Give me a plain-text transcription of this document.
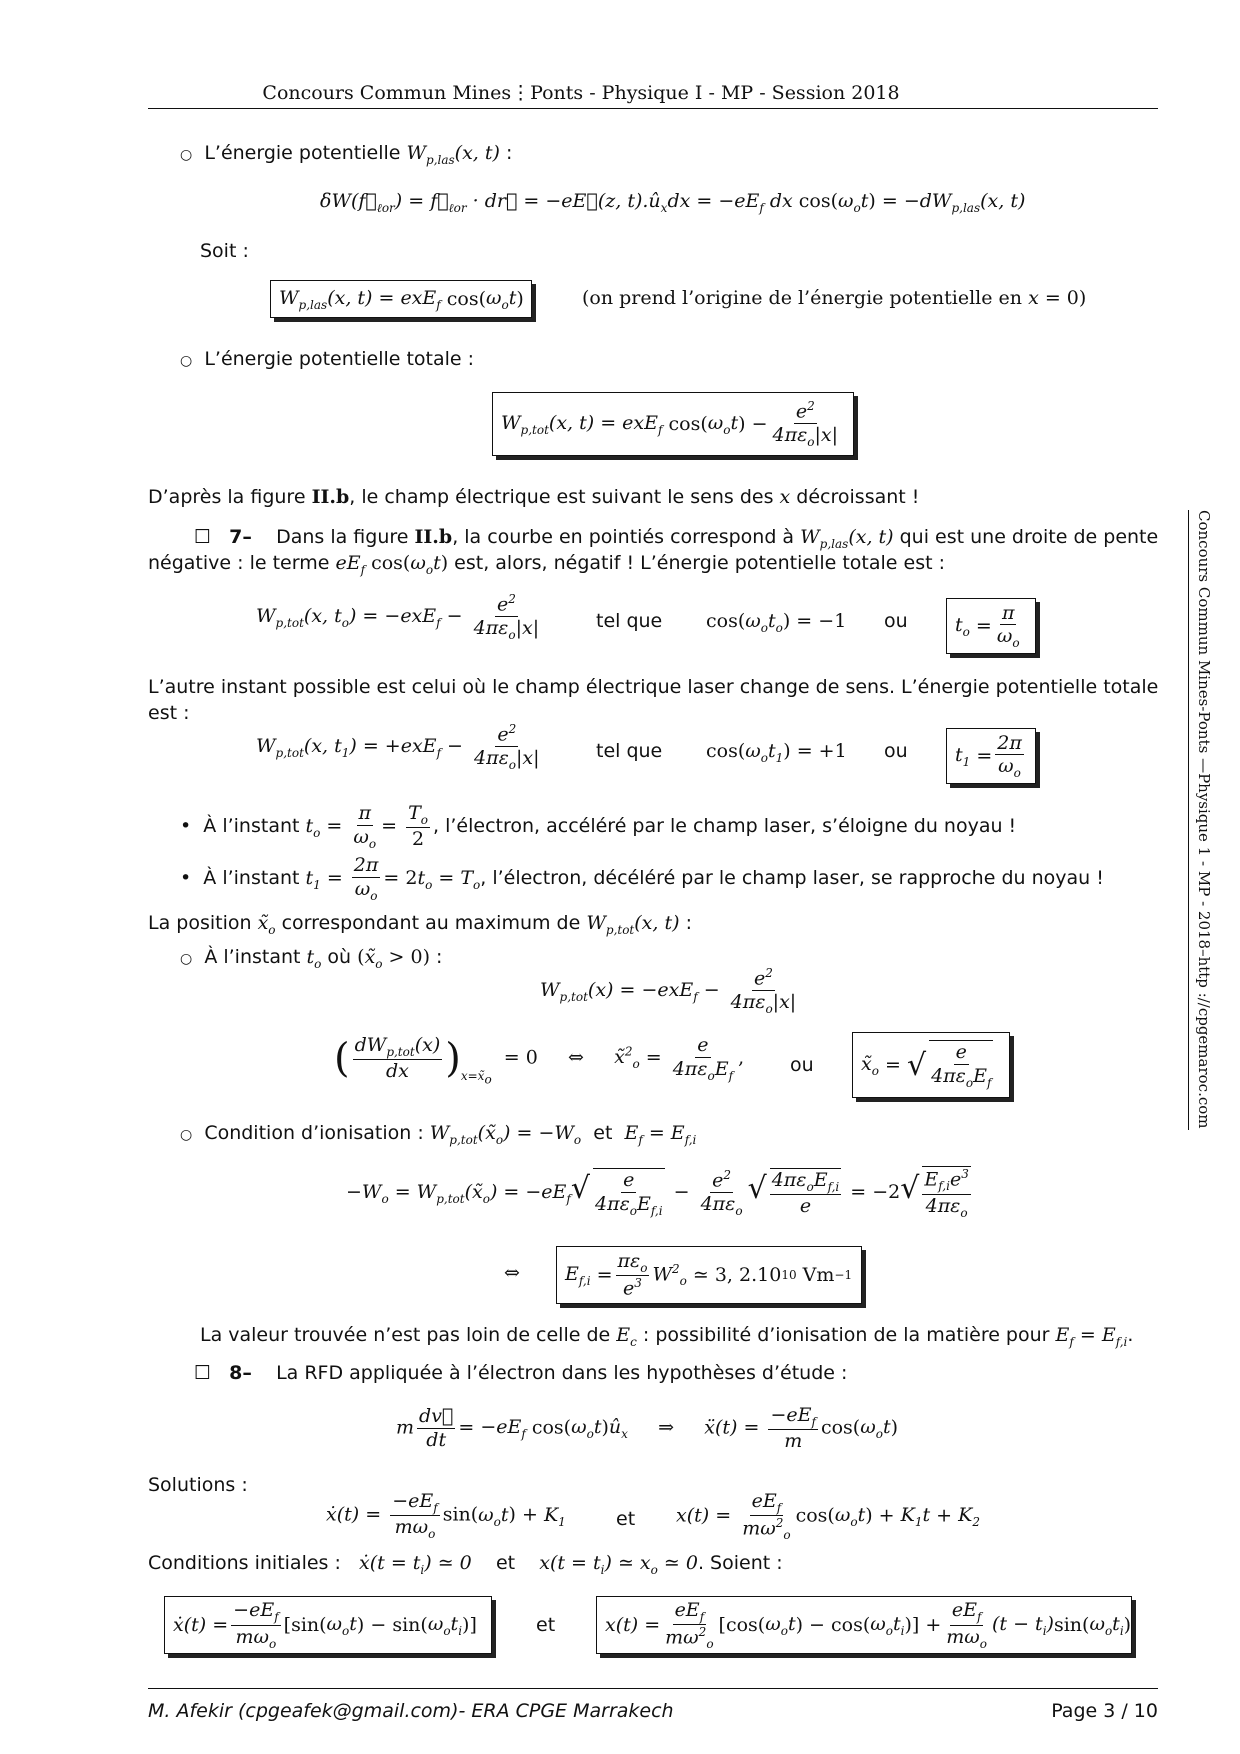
Concours Commun Mines⋮Ponts - Physique I - MP - Session 2018
Concours Commun Mines-Ponts —Physique 1 - MP - 2018–http ://cpgemaroc.com
○ L’énergie potentielle $W_{p,las}(x$, t) :
$\delta W(f⃗_{\ell or})$ = $f⃗_{\ell or}$ · dr⃗ = −eE⃗(z, $t).û_xdx = -eE_f$ dx $\cos(\omega_ot) = -dW_{p,las}(x$, t)
Soit :
$W_{p,las}(x$, t) = exE$_f$ cos( $\omega_ot$ )	(on prend l’origine de l’énergie potentielle en x = 0)
○ L’énergie potentielle totale :
$W_{p,tot}(x$, t) = exE$_f$ cos( $\omega_ot$ ) − $\frac{e^2}{4\pi\varepsilon_o|x|}$
D’après la figure II.b, le champ électrique est suivant le sens des x décroissant !
☐ 7– Dans la figure II.b, la courbe en pointiés correspond à $W_{p,las}(x$, t) qui est une droite de pente
négative : le terme $eE_f$ $\cos(\omega_ot)$ est, alors, négatif ! L’énergie potentielle totale est :
$W_{p,tot}(x$, $t_o) = -exE_f - \frac{e^2}{4\pi\varepsilon_o|x|}$	tel que $\cos(\omega_ot_o) = -1$ ou $t_o = \frac{\pi}{\omega_o}$
L’autre instant possible est celui où le champ électrique laser change de sens. L’énergie potentielle totale
est :
$W_{p,tot}(x$, $t_1) = +exE_f - \frac{e^2}{4\pi\varepsilon_o|x|}$	tel que $\cos(\omega_ot_1) = +1$ ou $t_1 = \frac{2\pi}{\omega_o}$
•  À l’instant $t_o = \frac{\pi}{\omega_o} = \frac{T_o}{2}$ , l’électron, accéléré par le champ laser, s’éloigne du noyau !
•  À l’instant $t_1 = \frac{2\pi}{\omega_o} = 2t_o = T_o$, l’électron, décéléré par le champ laser, se rapproche du noyau !
La position $x̃_o$ correspondant au maximum de $W_{p,tot}(x$, t) :
○ À l’instant $t_o$ où $(x̃_o > 0)$ :
$W_{p,tot}(x) = -exE_f - \frac{e^2}{4\pi\varepsilon_o|x|}$
( $\frac{dW_{p,tot}(x)}{dx} )_{x=x̃_o} = 0$     ⇔     x̃$^2_o$ = $\frac{e}{4\pi\varepsilon_oE_f}$ , ou $x̃_o$ = √ $\frac{e}{4\pi\varepsilon_oE_f}$
○ Condition d’ionisation : $W_{p,tot}(x̃_o) = -W_o$ et $E_f = E_{f,i}$
$-W_o$ = $W_{p,tot}(x̃_o) = -eE_f√ \frac{e}{4\pi\varepsilon_oE_{f,i}} - \frac{e^2}{4\pi\varepsilon_o}$ √ $\frac{4\pi\varepsilon_oE_{f,i}}{e} = -2√ \frac{E_{f,i}e^3}{4\pi\varepsilon_o}$
⇔ $E_{f,i} = \frac{\pi\varepsilon_o}{e^3} W^2_o$ ≃ 3, 2.10 10
Vm −1
La valeur trouvée n’est pas loin de celle de $E_c$ : possibilité d’ionisation de la matière pour $E_f = E_{f,i}$.
☐ 8– La RFD appliquée à l’électron dans les hypothèses d’étude :
m $\frac{dv⃗}{dt} = -eE_f$ $\cos(\omega_ot)û_x$     ⇒     ẍ(t) = $\frac{-eE_f}{m} \cos(\omega_ot)$
Solutions :
ẋ(t) = $\frac{-eE_f}{m\omega_o} \sin(\omega_ot) + K_1$	et $x(t) = \frac{eE_f}{m\omega^2_o} \cos(\omega_ot) + K_1t + K_2$
Conditions initiales : ẋ(t = $t_i$) ≃ 0 et $x(t = t_i)$ ≃ $x_o$ ≃ 0. Soient :
ẋ(t) = $\frac{-eE_f}{m\omega_o} [\sin$( $\omega_ot$ ) − sin( $\omega_ot_i$ )]	et	$x(t) = \frac{eE_f}{m\omega^2_o} [\cos$( $\omega_ot$ ) − cos( $\omega_ot_i$ )] + $\frac{eE_f}{m\omega_o} (t - t_i)$ sin( $\omega_ot_i$ )
M. Afekir (cpgeafek@gmail.com)- ERA CPGE Marrakech	Page 3 / 10
